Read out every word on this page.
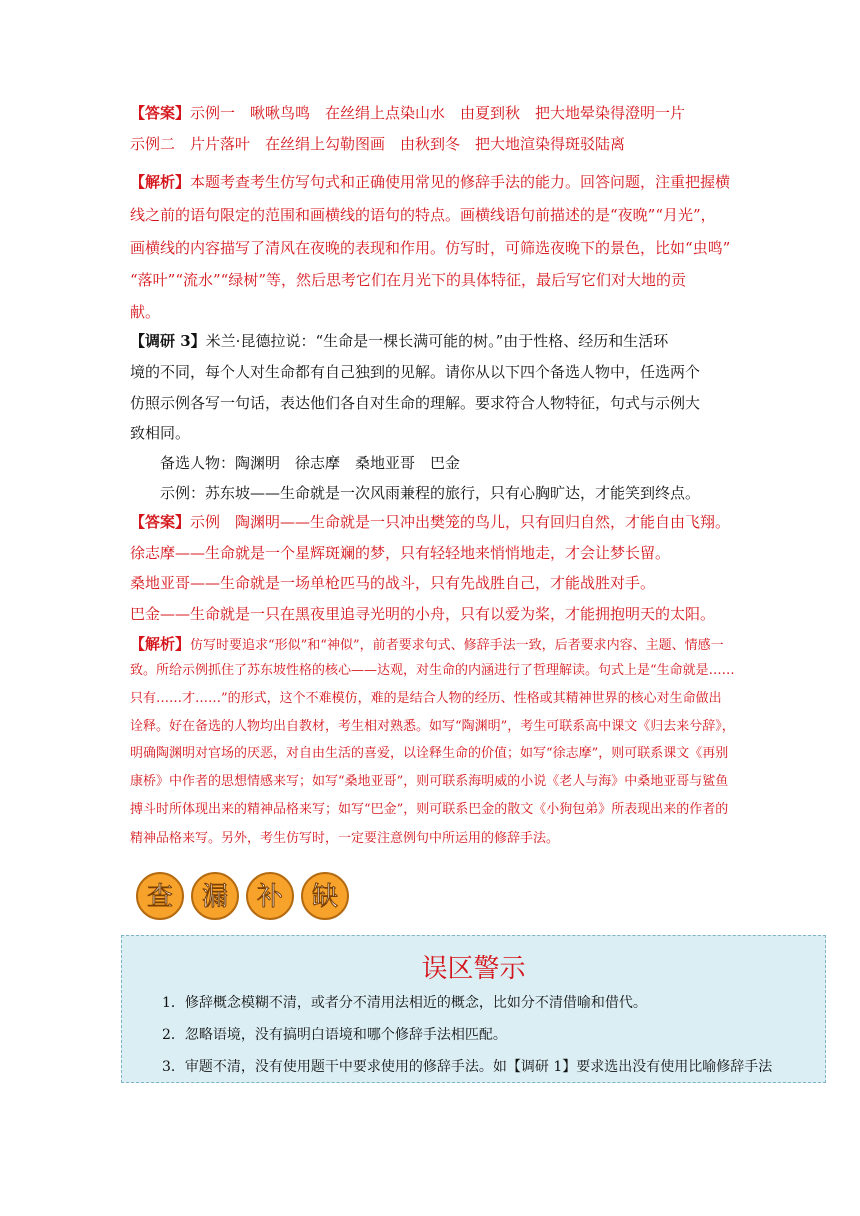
【答案】示例一　啾啾鸟鸣　在丝绢上点染山水　由夏到秋　把大地晕染得澄明一片
示例二　片片落叶　在丝绢上勾勒图画　由秋到冬　把大地渲染得斑驳陆离
【解析】本题考查考生仿写句式和正确使用常见的修辞手法的能力。回答问题，注重把握横
线之前的语句限定的范围和画横线的语句的特点。画横线语句前描述的是“夜晚”“月光”，
画横线的内容描写了清风在夜晚的表现和作用。仿写时，可筛选夜晚下的景色，比如“虫鸣”
“落叶”“流水”“绿树”等，然后思考它们在月光下的具体特征，最后写它们对大地的贡
献。
【调研 3】米兰·昆德拉说：“生命是一棵长满可能的树。”由于性格、经历和生活环
境的不同，每个人对生命都有自己独到的见解。请你从以下四个备选人物中，任选两个
仿照示例各写一句话，表达他们各自对生命的理解。要求符合人物特征，句式与示例大
致相同。
备选人物：陶渊明　徐志摩　桑地亚哥　巴金
示例：苏东坡——生命就是一次风雨兼程的旅行，只有心胸旷达，才能笑到终点。
【答案】示例　陶渊明——生命就是一只冲出樊笼的鸟儿，只有回归自然，才能自由飞翔。
徐志摩——生命就是一个星辉斑斓的梦，只有轻轻地来悄悄地走，才会让梦长留。
桑地亚哥——生命就是一场单枪匹马的战斗，只有先战胜自己，才能战胜对手。
巴金——生命就是一只在黑夜里追寻光明的小舟，只有以爱为桨，才能拥抱明天的太阳。
【解析】仿写时要追求“形似”和“神似”，前者要求句式、修辞手法一致，后者要求内容、主题、情感一
致。所给示例抓住了苏东坡性格的核心——达观，对生命的内涵进行了哲理解读。句式上是“生命就是……
只有……才……”的形式，这个不难模仿，难的是结合人物的经历、性格或其精神世界的核心对生命做出
诠释。好在备选的人物均出自教材，考生相对熟悉。如写“陶渊明”，考生可联系高中课文《归去来兮辞》，
明确陶渊明对官场的厌恶，对自由生活的喜爱，以诠释生命的价值；如写“徐志摩”，则可联系课文《再别
康桥》中作者的思想情感来写；如写“桑地亚哥”，则可联系海明威的小说《老人与海》中桑地亚哥与鲨鱼
搏斗时所体现出来的精神品格来写；如写“巴金”，则可联系巴金的散文《小狗包弟》所表现出来的作者的
精神品格来写。另外，考生仿写时，一定要注意例句中所运用的修辞手法。
查 漏 补 缺
误区警示
1．修辞概念模糊不清，或者分不清用法相近的概念，比如分不清借喻和借代。
2．忽略语境，没有搞明白语境和哪个修辞手法相匹配。
3．审题不清，没有使用题干中要求使用的修辞手法。如【调研 1】要求选出没有使用比喻修辞手法
